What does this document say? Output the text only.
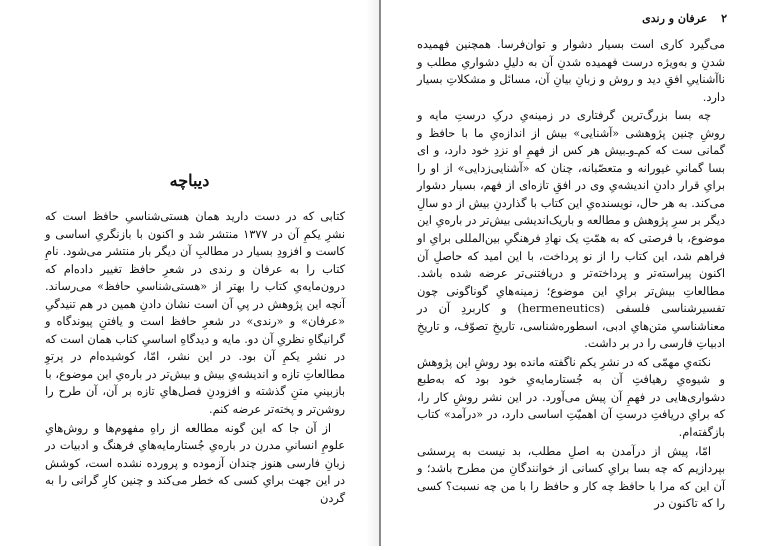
دیباچه

کتابی که در دست دارید همان هستی‌شناسیِ حافظ است که نشرِ یکمِ آن در ۱۳۷۷ منتشر شد و اکنون با بازنگریِ اساسی و کاست و افزودِ بسیار در مطالبِ آن دیگر بار منتشر می‌شود. نامِ کتاب را به عرفان و رندی در شعرِ حافظ تغییر داده‌ام که درون‌مایه‌یِ کتاب را بهتر از «هستی‌شناسیِ حافظ» می‌رساند. آنچه این پژوهش در پیِ آن است نشان دادنِ همین در هم تنیدگیِ «عرفان» و «رندی» در شعرِ حافظ است و یافتنِ پیوندگاه و گرانیگاهِ نظریِ آن دو. مایه و دیدگاهِ اساسیِ کتاب همان است که در نشرِ یکمِ آن بود. در این نشر، امّا، کوشیده‌ام در پرتوِ مطالعاتِ تازه و اندیشه‌یِ بیش و بیش‌تر در باره‌یِ این موضوع، با بازبینیِ متنِ گذشته و افزودنِ فصل‌هایِ تازه بر آن، آن طرح را روشن‌تر و پخته‌تر عرضه کنم.

از آن جا که این گونه مطالعه از راهِ مفهوم‌ها و روش‌هایِ علومِ انسانیِ مدرن در باره‌یِ جُستارمایه‌هایِ فرهنگ و ادبیات در زبانِ فارسی هنوز چندان آزموده و پرورده نشده است، کوشش در این جهت برایِ کسی که خطر می‌کند و چنین کارِ گرانی را به گردن

۲ عرفان و رندی

می‌گیرد کاری‌ است بسیار دشوار و توان‌فرسا. همچنین فهمیده شدنِ و به‌ویژه درست فهمیده شدنِ آن به دلیلِ دشواریِ مطلب و ناآشناییِ افقِ دید و روش و زبانِ بیانِ آن، مسائل و مشکلاتِ بسیار دارد.

چه بسا بزرگ‌ترین گرفتاری در زمینه‌یِ درکِ درستِ مایه و روشِ چنین پژوهشی «آشنایی» بیش از اندازه‌یِ ما با حافظ و گمانی ست که کم‌ـ‌و‌ـ‌بیش هر کس از فهمِ او نزدِ خود دارد، و ای بسا گمانیِ غیورانه و متعصّبانه، چنان که «آشنایی‌زدایی» از او را برایِ قرار دادنِ اندیشه‌یِ وی در افقِ تازه‌ای از فهم، بسیار دشوار می‌کند. به هر حال، نویسنده‌یِ این کتاب با گذاردنِ بیش از دو سالِ دیگر بر سرِ پژوهش و مطالعه و باریک‌اندیشی بیش‌تر در باره‌یِ این موضوع، با فرصتی که به همّتِ یک نهادِ فرهنگیِ بین‌المللی برایِ او فراهم شد، این کتاب را از نو پرداخت، با این امید که حاصلِ آن اکنون پیراسته‌تر و پرداخته‌تر و دریافتنی‌تر عرضه شده باشد. مطالعاتِ بیش‌تر برایِ این موضوع؛ زمینه‌هایِ گوناگونی چون تفسیرشناسی فلسفی (hermeneutics) و کاربردِ آن در معناشناسیِ متن‌هایِ ادبی، اسطوره‌شناسی، تاریخِ تصوّف، و تاریخِ ادبیاتِ فارسی را در بر داشت.

نکته‌یِ مهمّی که در نشرِ یکم ناگفته مانده بود روشِ این پژوهش و شیوه‌یِ رهیافتِ آن به جُستارمایه‌یِ خود بود که به‌طبع دشواری‌هایی در فهمِ آن پیش می‌آورد. در این نشر روشِ کار را، که برایِ دریافتِ درستِ آن اهمیّتِ اساسی دارد، در «درآمد» کتاب بازگفته‌ام.

امّا، پیش از درآمدن به اصلِ مطلب، بد نیست به پرسشی بپردازیم که چه بسا برایِ کسانی از خوانندگانِ من مطرح باشد؛ و آن این که مرا با حافظ چه کار و حافظ را با من چه نسبت؟ کسی را که تاکنون در
